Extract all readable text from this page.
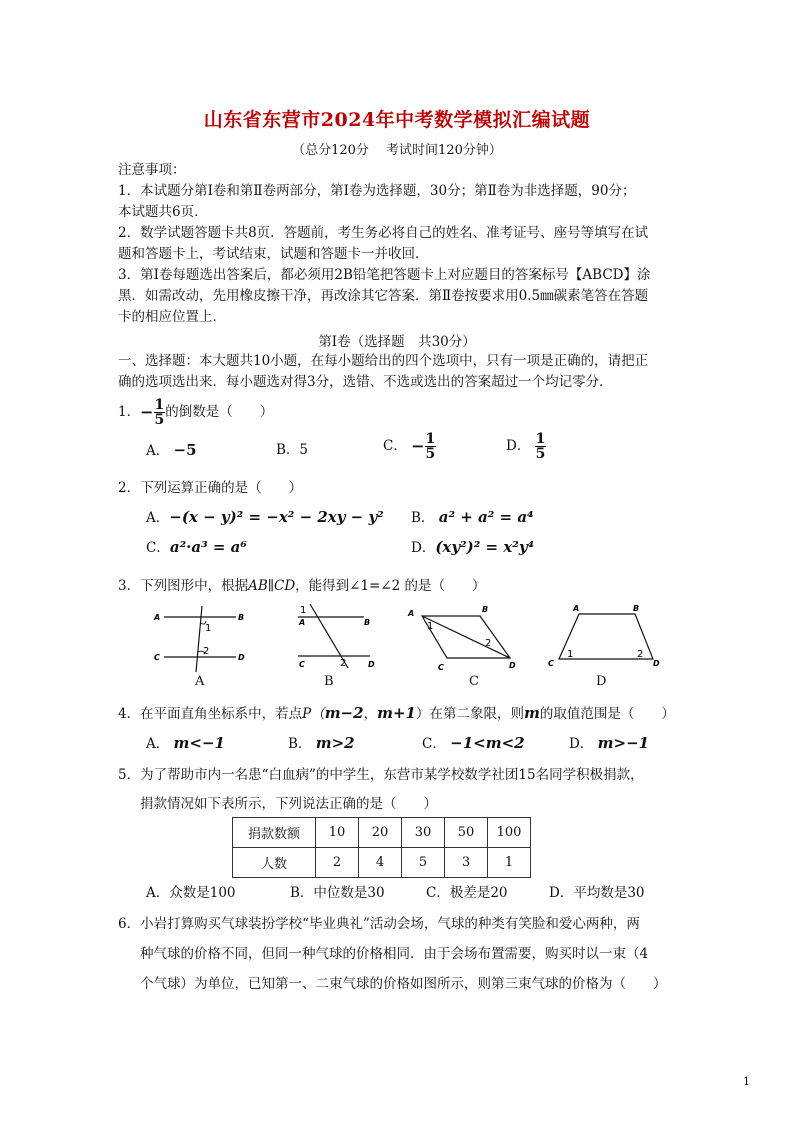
山东省东营市2024年中考数学模拟汇编试题
（总分120分　 考试时间120分钟）
注意事项：
1．本试题分第Ⅰ卷和第Ⅱ卷两部分，第Ⅰ卷为选择题，30分；第Ⅱ卷为非选择题，90分；
本试题共6页．
2．数学试题答题卡共8页．答题前，考生务必将自己的姓名、准考证号、座号等填写在试
题和答题卡上，考试结束，试题和答题卡一并收回．
3．第Ⅰ卷每题选出答案后，都必须用2B铅笔把答题卡上对应题目的答案标号【ABCD】涂
黑．如需改动，先用橡皮擦干净，再改涂其它答案．第Ⅱ卷按要求用0.5㎜碳素笔答在答题
卡的相应位置上．
第Ⅰ卷（选择题　共30分）
一、选择题：本大题共10小题，在每小题给出的四个选项中，只有一项是正确的，请把正
确的选项选出来．每小题选对得3分，选错、不选或选出的答案超过一个均记零分．
1．− $\frac{1}{5}$ 的倒数是（　　）
A． −5	B．5	C． − $\frac{1}{5}$	D． $\frac{1}{5}$
2．下列运算正确的是（　　）
A．−(x − y)² = −x² − 2xy − y² B． a² + a² = a⁴
C．a²·a³ = a⁶	D．(xy²)² = x²y⁴
3．下列图形中，根据AB∥CD，能得到∠1=∠2 的是（　　）
A	B
C	D
1
2
A
A	B
C	D
1
2
B
A	B
C	D
1
2
C
A	B
C	D
1	2
D
4．在平面直角坐标系中，若点P（m−2，m+1）在第二象限，则m的取值范围是（　　）
A． m<−1	B． m>2	C． −1<m<2	D． m>−1
5．为了帮助市内一名患“白血病”的中学生，东营市某学校数学社团15名同学积极捐款，
捐款情况如下表所示，下列说法正确的是（　　）
捐款数额	10	20	30	50	100
人数	2	4	5	3	1
A．众数是100	B．中位数是30	C．极差是20	D．平均数是30
6．小岩打算购买气球装扮学校“毕业典礼”活动会场，气球的种类有笑脸和爱心两种，两
种气球的价格不同，但同一种气球的价格相同．由于会场布置需要，购买时以一束（4
个气球）为单位，已知第一、二束气球的价格如图所示，则第三束气球的价格为（　　）
1
